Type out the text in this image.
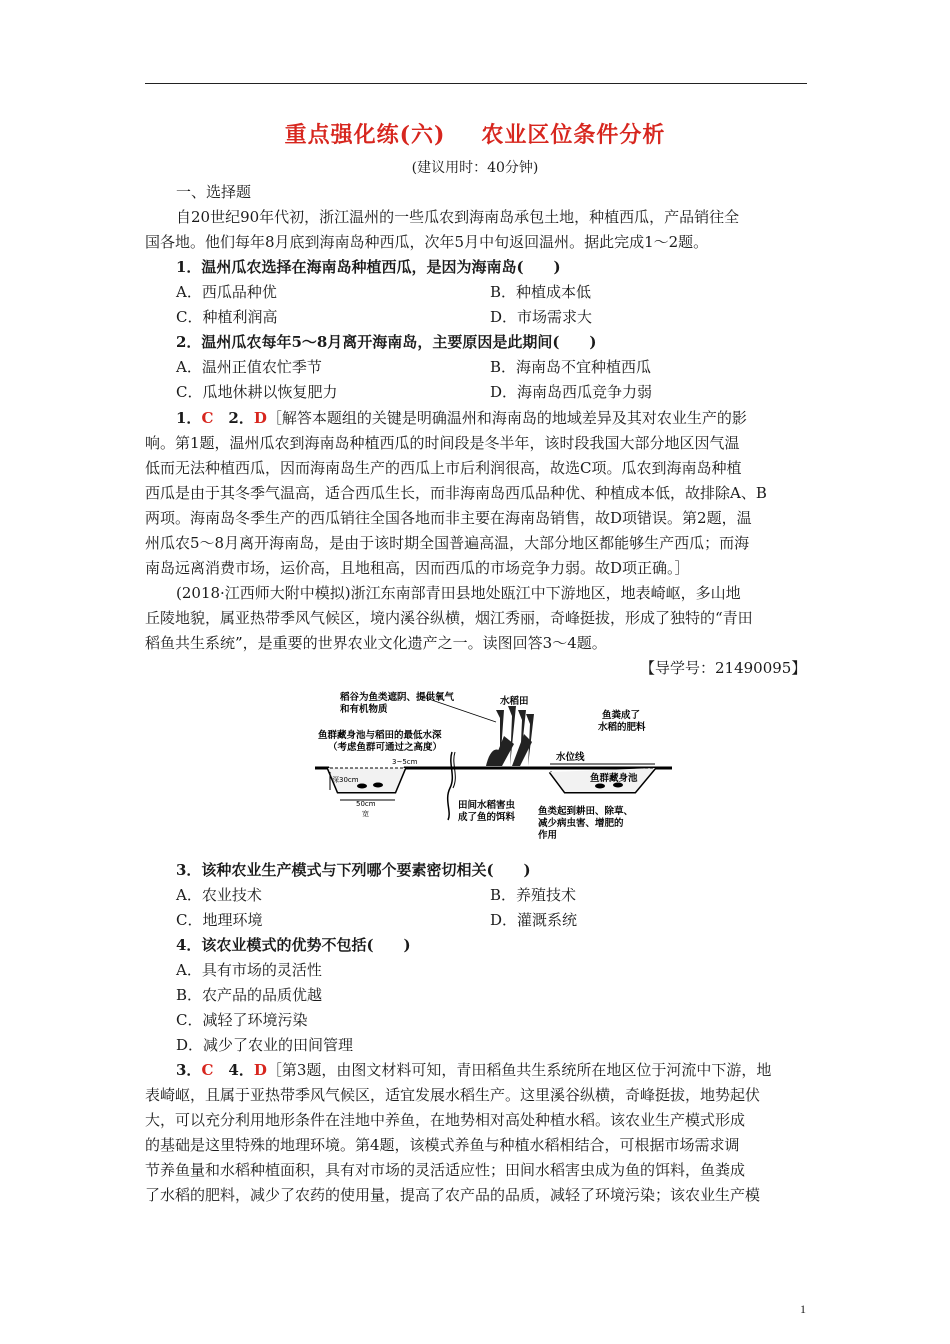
重点强化练(六) 农业区位条件分析
(建议用时：40分钟)
一、选择题
自20世纪90年代初，浙江温州的一些瓜农到海南岛承包土地，种植西瓜，产品销往全
国各地。他们每年8月底到海南岛种西瓜，次年5月中旬返回温州。据此完成1～2题。
1．温州瓜农选择在海南岛种植西瓜，是因为海南岛(　　)
A．西瓜品种优	B．种植成本低
C．种植利润高	D．市场需求大
2．温州瓜农每年5～8月离开海南岛，主要原因是此期间(　　)
A．温州正值农忙季节	B．海南岛不宜种植西瓜
C．瓜地休耕以恢复肥力	D．海南岛西瓜竞争力弱
1．C　2．D［解答本题组的关键是明确温州和海南岛的地域差异及其对农业生产的影
响。第1题，温州瓜农到海南岛种植西瓜的时间段是冬半年，该时段我国大部分地区因气温
低而无法种植西瓜，因而海南岛生产的西瓜上市后利润很高，故选C项。瓜农到海南岛种植
西瓜是由于其冬季气温高，适合西瓜生长，而非海南岛西瓜品种优、种植成本低，故排除A、B
两项。海南岛冬季生产的西瓜销往全国各地而非主要在海南岛销售，故D项错误。第2题，温
州瓜农5～8月离开海南岛，是由于该时期全国普遍高温，大部分地区都能够生产西瓜；而海
南岛远离消费市场，运价高，且地租高，因而西瓜的市场竞争力弱。故D项正确。］
(2018·江西师大附中模拟)浙江东南部青田县地处瓯江中下游地区，地表崎岖，多山地
丘陵地貌，属亚热带季风气候区，境内溪谷纵横，烟江秀丽，奇峰挺拔，形成了独特的“青田
稻鱼共生系统”，是重要的世界农业文化遗产之一。读图回答3～4题。
【导学号：21490095】
稻谷为鱼类遮阴、提供氧气
和有机物质
水稻田
鱼群藏身池与稻田的最低水深
（考虑鱼群可通过之高度）
3~5cm
鱼粪成了
水稻的肥料
水位线
鱼群藏身池
深30cm
50cm
宽
田间水稻害虫
成了鱼的饵料
鱼类起到耕田、除草、
减少病虫害、增肥的
作用
3．该种农业生产模式与下列哪个要素密切相关(　　)
A．农业技术	B．养殖技术
C．地理环境	D．灌溉系统
4．该农业模式的优势不包括(　　)
A．具有市场的灵活性
B．农产品的品质优越
C．减轻了环境污染
D．减少了农业的田间管理
3．C　4．D［第3题，由图文材料可知，青田稻鱼共生系统所在地区位于河流中下游，地
表崎岖，且属于亚热带季风气候区，适宜发展水稻生产。这里溪谷纵横，奇峰挺拔，地势起伏
大，可以充分利用地形条件在洼地中养鱼，在地势相对高处种植水稻。该农业生产模式形成
的基础是这里特殊的地理环境。第4题，该模式养鱼与种植水稻相结合，可根据市场需求调
节养鱼量和水稻种植面积，具有对市场的灵活适应性；田间水稻害虫成为鱼的饵料，鱼粪成
了水稻的肥料，减少了农药的使用量，提高了农产品的品质，减轻了环境污染；该农业生产模
1
